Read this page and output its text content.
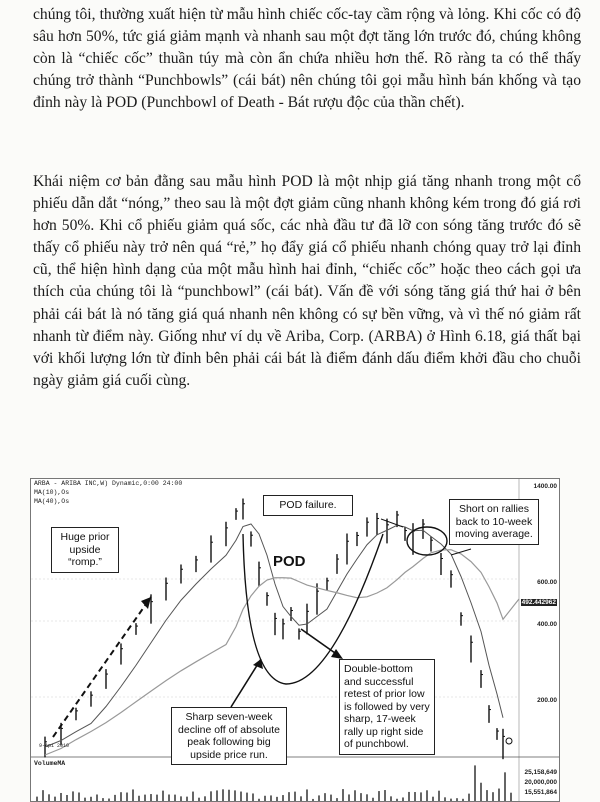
chúng tôi, thường xuất hiện từ mẫu hình chiếc cốc-tay cầm rộng và lỏng. Khi cốc có độ sâu hơn 50%, tức giá giảm mạnh và nhanh sau một đợt tăng lớn trước đó, chúng không còn là “chiếc cốc” thuần túy mà còn ẩn chứa nhiều hơn thế. Rõ ràng ta có thể thấy chúng trở thành “Punchbowls” (cái bát) nên chúng tôi gọi mẫu hình bán khống và tạo đỉnh này là POD (Punchbowl of Death - Bát rượu độc của thần chết).

Khái niệm cơ bản đằng sau mẫu hình POD là một nhịp giá tăng nhanh trong một cổ phiếu dẫn dắt “nóng,” theo sau là một đợt giảm cũng nhanh không kém trong đó giá rơi hơn 50%. Khi cổ phiếu giảm quá sốc, các nhà đầu tư đã lỡ con sóng tăng trước đó sẽ thấy cổ phiếu này trở nên quá “rẻ,” họ đẩy giá cổ phiếu nhanh chóng quay trở lại đỉnh cũ, thể hiện hình dạng của một mẫu hình hai đỉnh, “chiếc cốc” hoặc theo cách gọi ưa thích của chúng tôi là “punchbowl” (cái bát). Vấn đề với sóng tăng giá thứ hai ở bên phải cái bát là nó tăng giá quá nhanh nên không có sự bền vững, và vì thế nó giảm rất nhanh từ điểm này. Giống như ví dụ về Ariba, Corp. (ARBA) ở Hình 6.18, giá thất bại với khối lượng lớn từ đỉnh bên phải cái bát là điểm đánh dấu điểm khởi đầu cho chuỗi ngày giảm giá cuối cùng.

ARBA - ARIBA INC,W) Dynamic,0:00 24:00
MA(10),Os
MA(40),Os
9-Ap1 2010
VolumeMA
1400.00
600.00
492.442962
400.00
200.00
25,158,649
20,000,000
15,551,864
Huge prior upside “romp.”
POD failure.	Short on rallies back to 10-week moving average.
Sharp seven-week decline off of absolute peak following big upside price run.
Double-bottom and successful retest of prior low is followed by very sharp, 17-week rally up right side of punchbowl.
POD
